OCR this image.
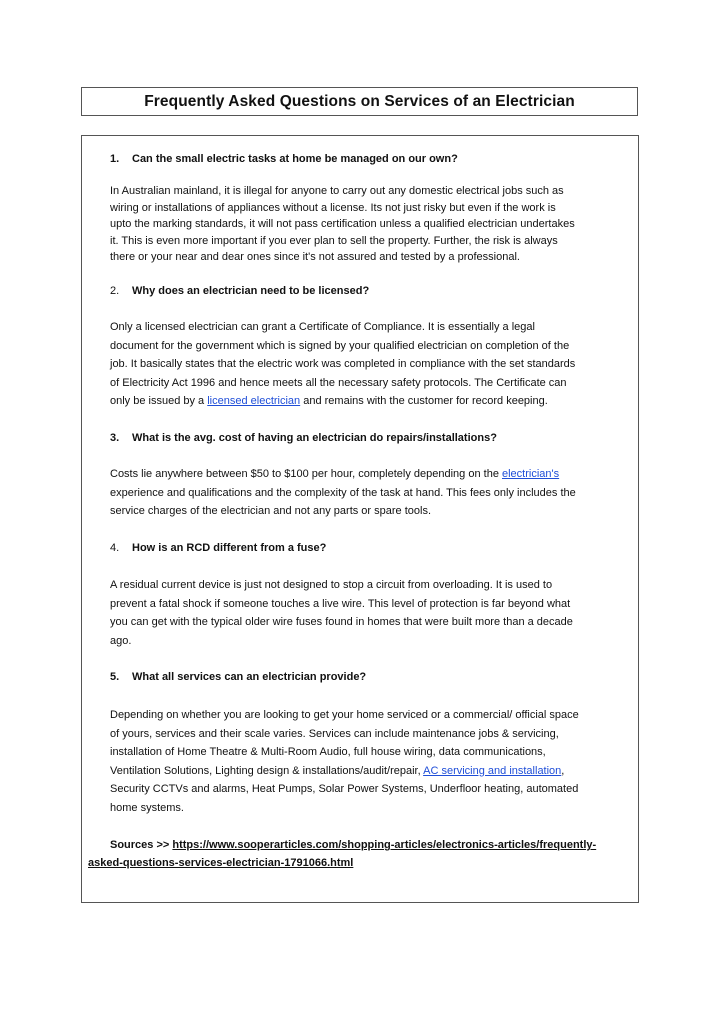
Frequently Asked Questions on Services of an Electrician
1. Can the small electric tasks at home be managed on our own?
In Australian mainland, it is illegal for anyone to carry out any domestic electrical jobs such as
wiring or installations of appliances without a license. Its not just risky but even if the work is
upto the marking standards, it will not pass certification unless a qualified electrician undertakes
it. This is even more important if you ever plan to sell the property. Further, the risk is always
there or your near and dear ones since it's not assured and tested by a professional.
2. Why does an electrician need to be licensed?
Only a licensed electrician can grant a Certificate of Compliance. It is essentially a legal
document for the government which is signed by your qualified electrician on completion of the
job. It basically states that the electric work was completed in compliance with the set standards
of Electricity Act 1996 and hence meets all the necessary safety protocols. The Certificate can
only be issued by a licensed electrician and remains with the customer for record keeping.
3. What is the avg. cost of having an electrician do repairs/installations?
Costs lie anywhere between $50 to $100 per hour, completely depending on the electrician's
experience and qualifications and the complexity of the task at hand. This fees only includes the
service charges of the electrician and not any parts or spare tools.
4. How is an RCD different from a fuse?
A residual current device is just not designed to stop a circuit from overloading. It is used to
prevent a fatal shock if someone touches a live wire. This level of protection is far beyond what
you can get with the typical older wire fuses found in homes that were built more than a decade
ago.
5. What all services can an electrician provide?
Depending on whether you are looking to get your home serviced or a commercial/ official space
of yours, services and their scale varies. Services can include maintenance jobs & servicing,
installation of Home Theatre & Multi-Room Audio, full house wiring, data communications,
Ventilation Solutions, Lighting design & installations/audit/repair, AC servicing and installation,
Security CCTVs and alarms, Heat Pumps, Solar Power Systems, Underfloor heating, automated
home systems.
Sources >> https://www.sooperarticles.com/shopping-articles/electronics-articles/frequently-
asked-questions-services-electrician-1791066.html
